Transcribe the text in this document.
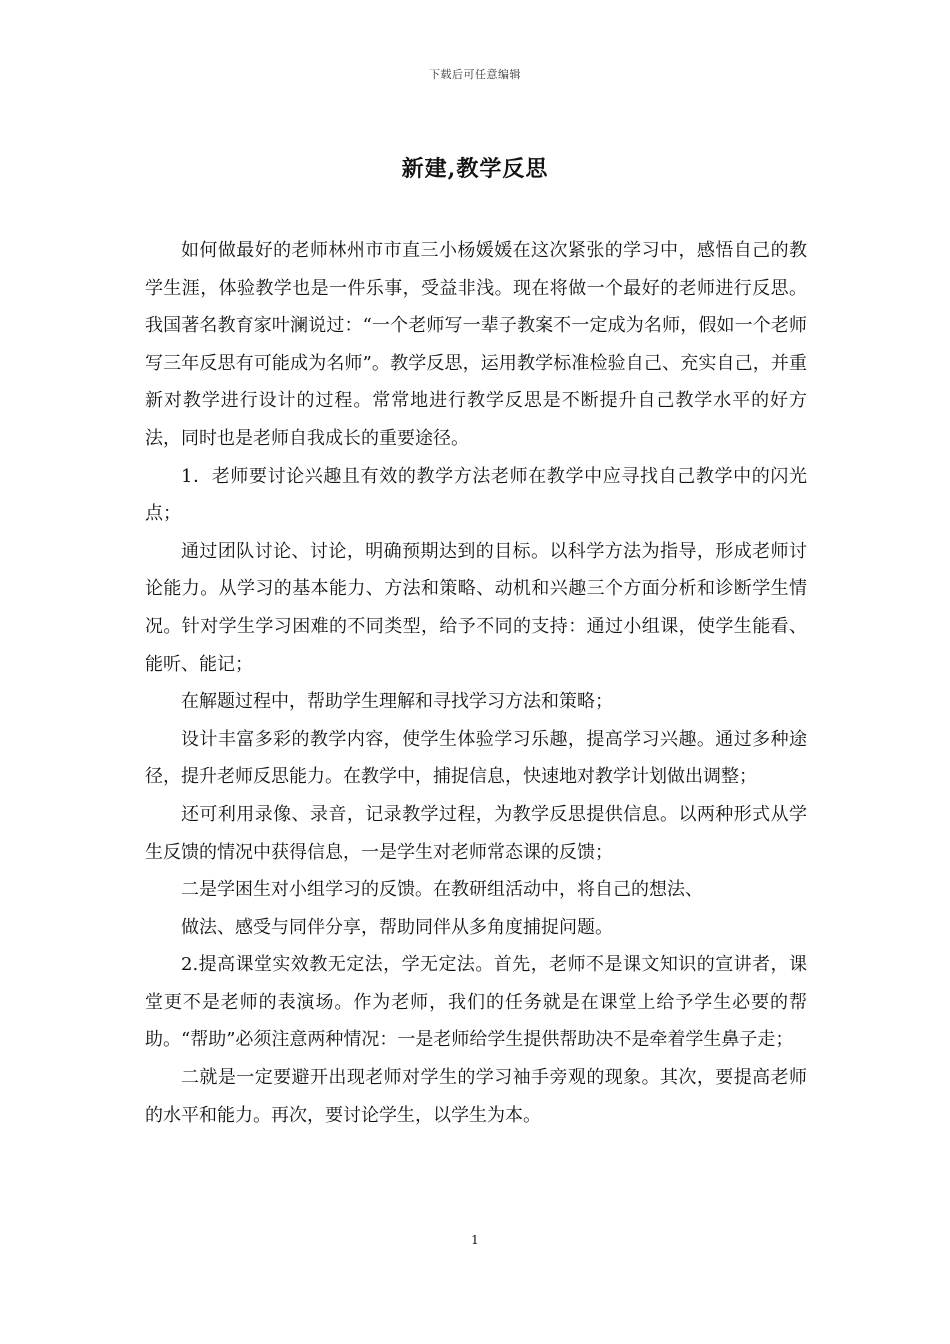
下载后可任意编辑
新建,教学反思

如何做最好的老师林州市市直三小杨媛媛在这次紧张的学习中，感悟自己的教学生涯，体验教学也是一件乐事，受益非浅。现在将做一个最好的老师进行反思。我国著名教育家叶澜说过：“一个老师写一辈子教案不一定成为名师，假如一个老师写三年反思有可能成为名师”。教学反思，运用教学标准检验自己、充实自己，并重新对教学进行设计的过程。常常地进行教学反思是不断提升自己教学水平的好方法，同时也是老师自我成长的重要途径。

1．老师要讨论兴趣且有效的教学方法老师在教学中应寻找自己教学中的闪光点；

通过团队讨论、讨论，明确预期达到的目标。以科学方法为指导，形成老师讨论能力。从学习的基本能力、方法和策略、动机和兴趣三个方面分析和诊断学生情况。针对学生学习困难的不同类型，给予不同的支持：通过小组课，使学生能看、能听、能记；

在解题过程中，帮助学生理解和寻找学习方法和策略；

设计丰富多彩的教学内容，使学生体验学习乐趣，提高学习兴趣。通过多种途径，提升老师反思能力。在教学中，捕捉信息，快速地对教学计划做出调整；

还可利用录像、录音，记录教学过程，为教学反思提供信息。以两种形式从学生反馈的情况中获得信息，一是学生对老师常态课的反馈；

二是学困生对小组学习的反馈。在教研组活动中，将自己的想法、

做法、感受与同伴分享，帮助同伴从多角度捕捉问题。

2.提高课堂实效教无定法，学无定法。首先，老师不是课文知识的宣讲者，课堂更不是老师的表演场。作为老师，我们的任务就是在课堂上给予学生必要的帮助。“帮助”必须注意两种情况：一是老师给学生提供帮助决不是牵着学生鼻子走；

二就是一定要避开出现老师对学生的学习袖手旁观的现象。其次，要提高老师的水平和能力。再次，要讨论学生，以学生为本。

1
